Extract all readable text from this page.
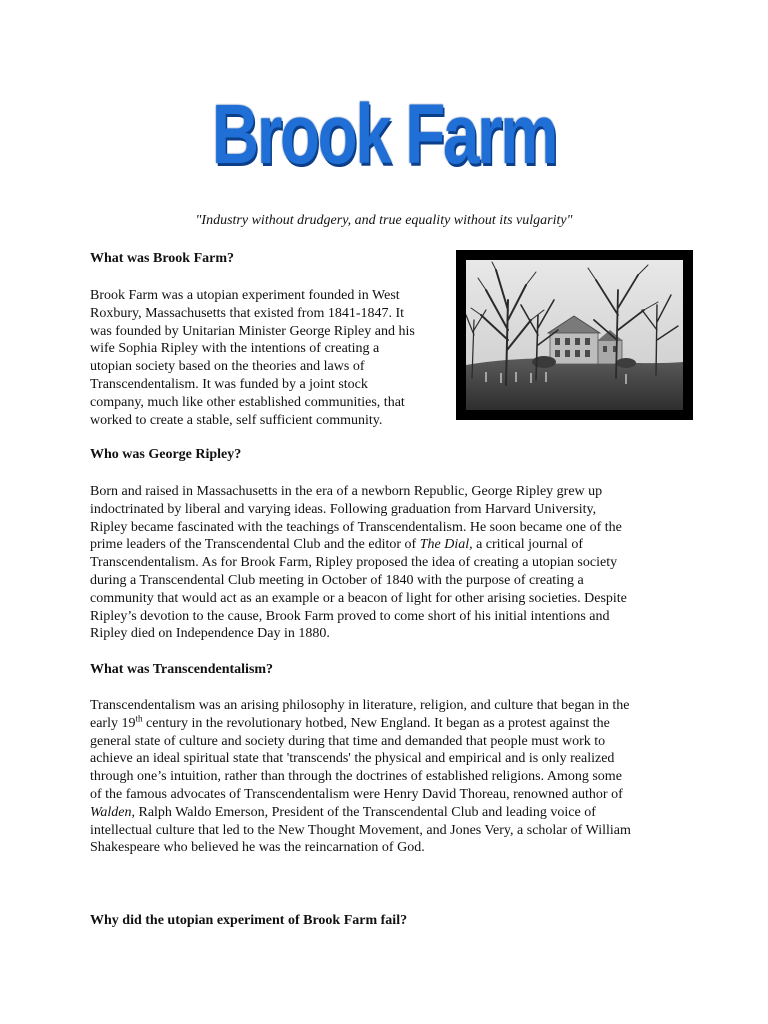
Brook Farm
"Industry without drudgery, and true equality without its vulgarity"
What was Brook Farm?

Brook Farm was a utopian experiment founded in West
Roxbury, Massachusetts that existed from 1841-1847. It
was founded by Unitarian Minister George Ripley and his
wife Sophia Ripley with the intentions of creating a
utopian society based on the theories and laws of
Transcendentalism. It was funded by a joint stock
company, much like other established communities, that
worked to create a stable, self sufficient community.

Who was George Ripley?

Born and raised in Massachusetts in the era of a newborn Republic, George Ripley grew up
indoctrinated by liberal and varying ideas. Following graduation from Harvard University,
Ripley became fascinated with the teachings of Transcendentalism. He soon became one of the
prime leaders of the Transcendental Club and the editor of The Dial, a critical journal of
Transcendentalism. As for Brook Farm, Ripley proposed the idea of creating a utopian society
during a Transcendental Club meeting in October of 1840 with the purpose of creating a
community that would act as an example or a beacon of light for other arising societies. Despite
Ripley’s devotion to the cause, Brook Farm proved to come short of his initial intentions and
Ripley died on Independence Day in 1880.

What was Transcendentalism?

Transcendentalism was an arising philosophy in literature, religion, and culture that began in the
early 19th century in the revolutionary hotbed, New England. It began as a protest against the
general state of culture and society during that time and demanded that people must work to
achieve an ideal spiritual state that 'transcends' the physical and empirical and is only realized
through one’s intuition, rather than through the doctrines of established religions. Among some
of the famous advocates of Transcendentalism were Henry David Thoreau, renowned author of
Walden, Ralph Waldo Emerson, President of the Transcendental Club and leading voice of
intellectual culture that led to the New Thought Movement, and Jones Very, a scholar of William
Shakespeare who believed he was the reincarnation of God.

Why did the utopian experiment of Brook Farm fail?
